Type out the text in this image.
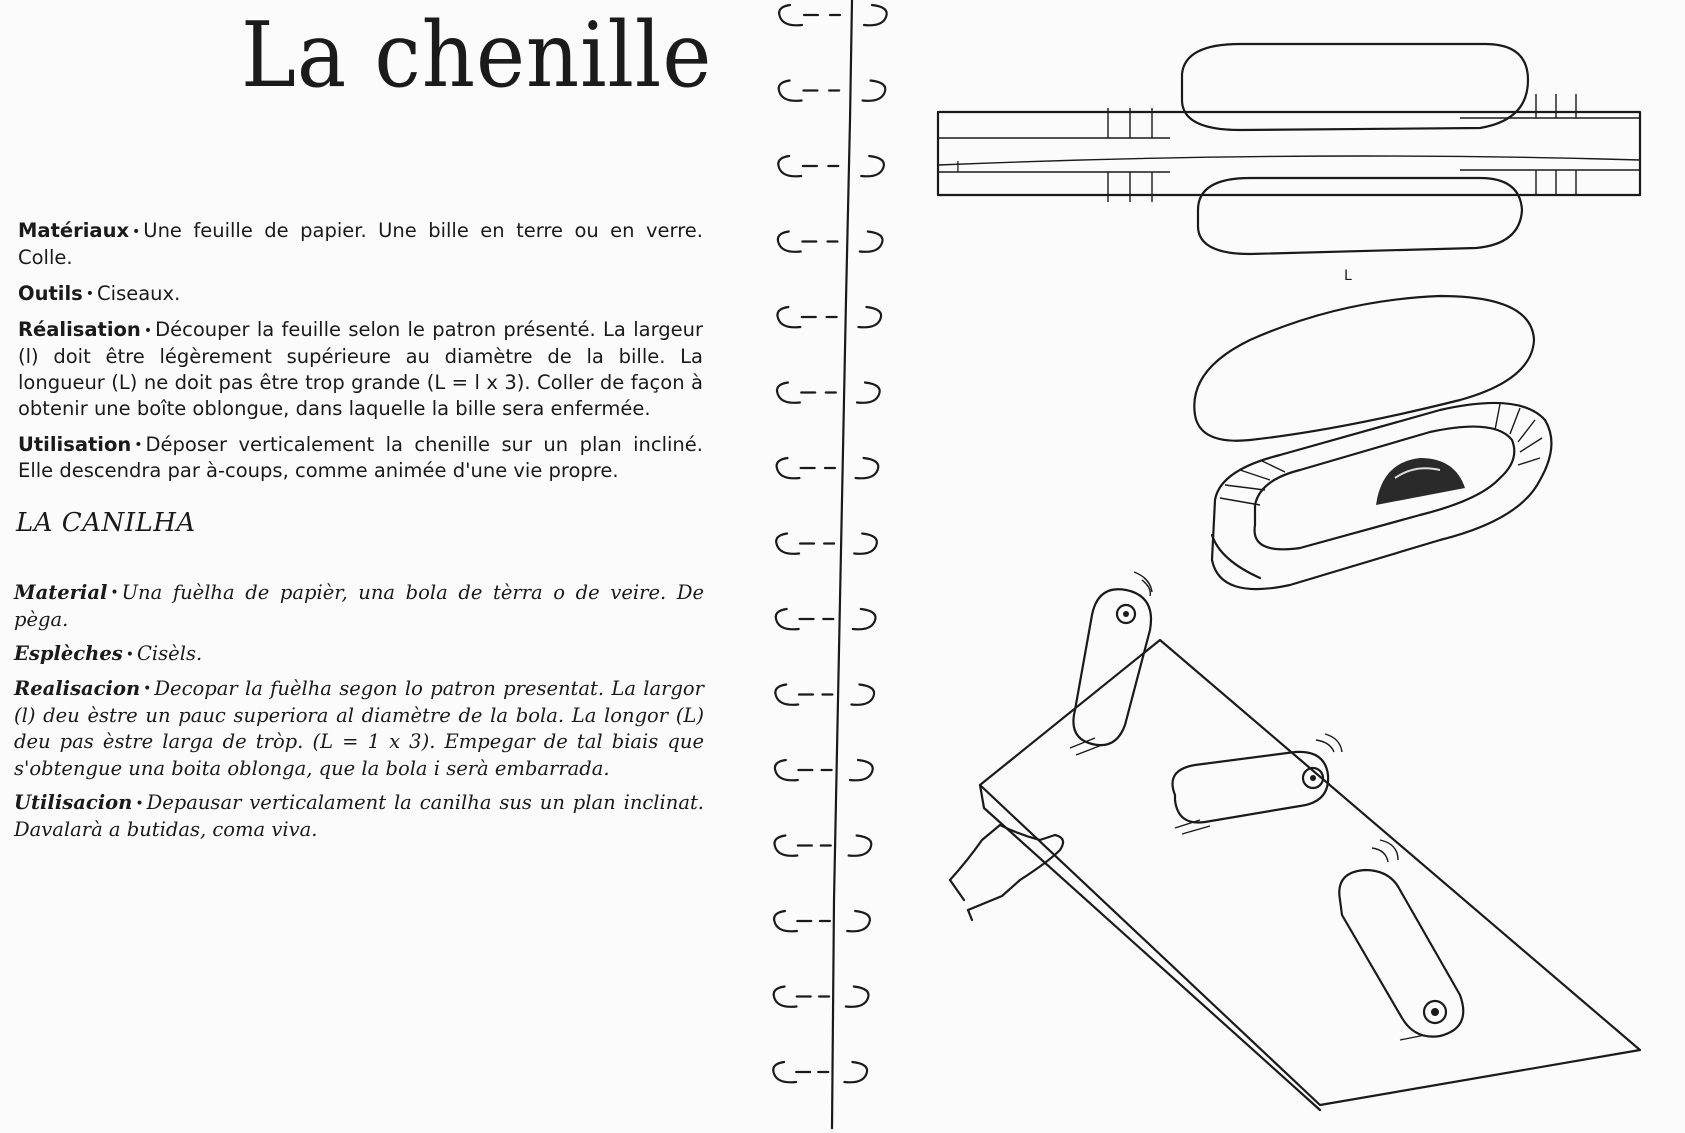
La chenille

Matériaux • Une feuille de papier. Une bille en terre ou en verre. Colle.

Outils • Ciseaux.

Réalisation • Découper la feuille selon le patron présenté. La largeur (l) doit être légèrement supérieure au diamètre de la bille. La longueur (L) ne doit pas être trop grande (L = l x 3). Coller de façon à obtenir une boîte oblongue, dans laquelle la bille sera enfermée.

Utilisation • Déposer verticalement la chenille sur un plan incliné. Elle descendra par à-coups, comme animée d'une vie propre.

LA CANILHA

Material • Una fuèlha de papièr, una bola de tèrra o de veire. De pèga.

Esplèches • Cisèls.

Realisacion • Decopar la fuèlha segon lo patron presentat. La largor (l) deu èstre un pauc superiora al diamètre de la bola. La longor (L) deu pas èstre larga de tròp. (L = 1 x 3). Empegar de tal biais que s'obtengue una boita oblonga, que la bola i serà embarrada.

Utilisacion • Depausar verticalament la canilha sus un plan inclinat. Davalarà a butidas, coma viva.

l
L
